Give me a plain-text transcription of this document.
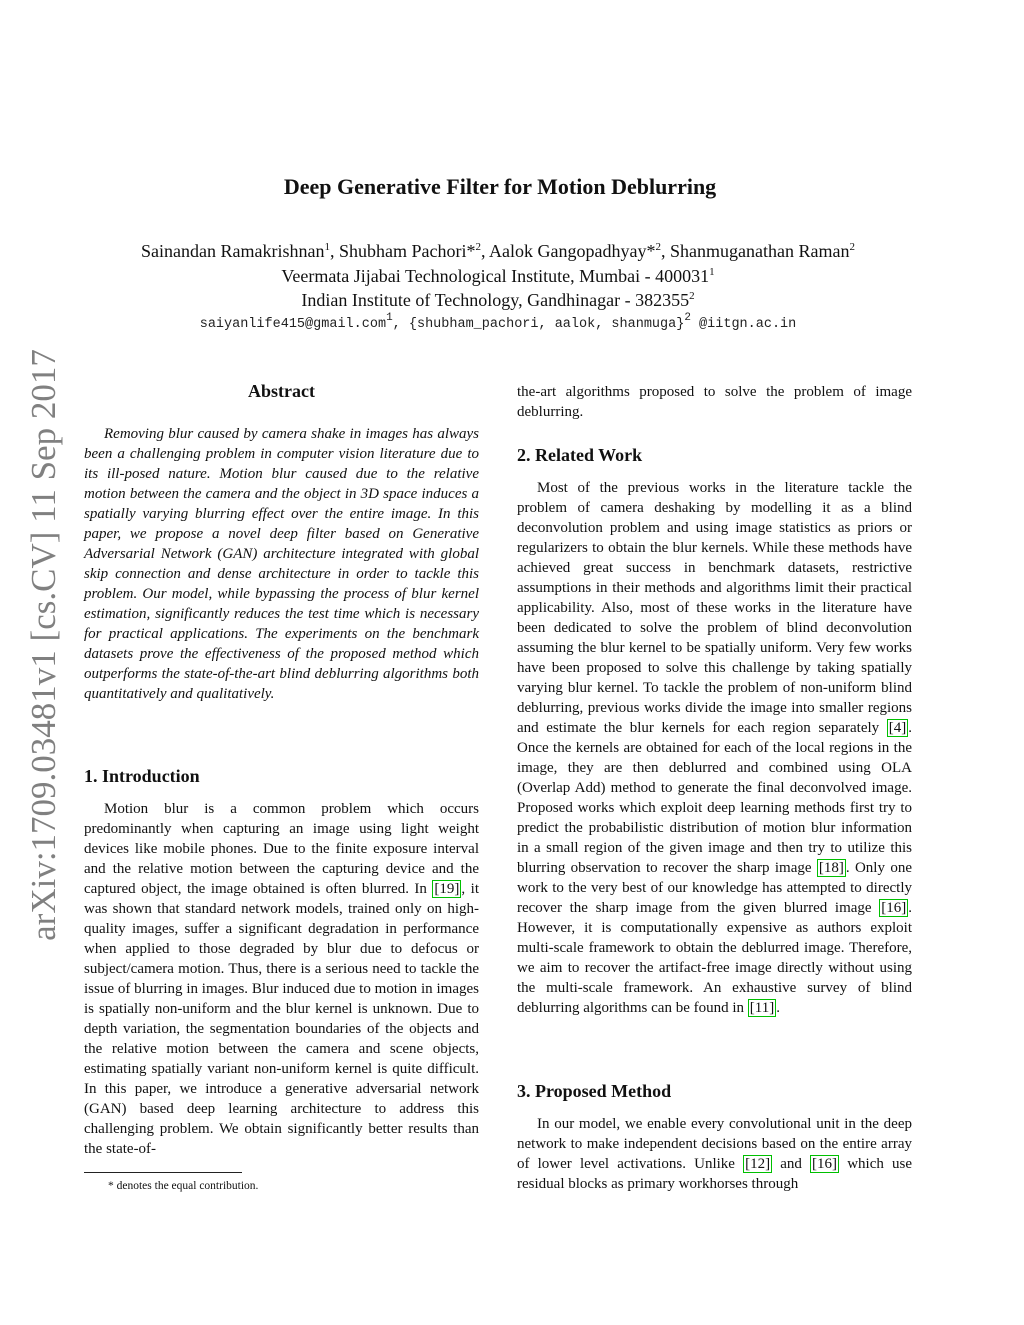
arXiv:1709.03481v1 [cs.CV] 11 Sep 2017
Deep Generative Filter for Motion Deblurring
Sainandan Ramakrishnan$^1$, Shubham Pachori*$^2$, Aalok Gangopadhyay*$^2$, Shanmuganathan Raman$^2$
Veermata Jijabai Technological Institute, Mumbai - 400031$^1$
Indian Institute of Technology, Gandhinagar - 382355$^2$
saiyanlife415@gmail.com$^1$, {shubham_pachori, aalok, shanmuga}$^2$ @iitgn.ac.in
Abstract

Removing blur caused by camera shake in images has always been a challenging problem in computer vision literature due to its ill-posed nature. Motion blur caused due to the relative motion between the camera and the object in 3D space induces a spatially varying blurring effect over the entire image. In this paper, we propose a novel deep filter based on Generative Adversarial Network (GAN) architecture integrated with global skip connection and dense architecture in order to tackle this problem. Our model, while bypassing the process of blur kernel estimation, significantly reduces the test time which is necessary for practical applications. The experiments on the benchmark datasets prove the effectiveness of the proposed method which outperforms the state-of-the-art blind deblurring algorithms both quantitatively and qualitatively.

1. Introduction

Motion blur is a common problem which occurs predominantly when capturing an image using light weight devices like mobile phones. Due to the finite exposure interval and the relative motion between the capturing device and the captured object, the image obtained is often blurred. In [19] , it was shown that standard network models, trained only on high-quality images, suffer a significant degradation in performance when applied to those degraded by blur due to defocus or subject/camera motion. Thus, there is a serious need to tackle the issue of blurring in images. Blur induced due to motion in images is spatially non-uniform and the blur kernel is unknown. Due to depth variation, the segmentation boundaries of the objects and the relative motion between the camera and scene objects, estimating spatially variant non-uniform kernel is quite difficult. In this paper, we introduce a generative adversarial network (GAN) based deep learning architecture to address this challenging problem. We obtain significantly better results than the state-of-

* denotes the equal contribution.

the-art algorithms proposed to solve the problem of image deblurring.

2. Related Work

Most of the previous works in the literature tackle the problem of camera deshaking by modelling it as a blind deconvolution problem and using image statistics as priors or regularizers to obtain the blur kernels. While these methods have achieved great success in benchmark datasets, restrictive assumptions in their methods and algorithms limit their practical applicability. Also, most of these works in the literature have been dedicated to solve the problem of blind deconvolution assuming the blur kernel to be spatially uniform. Very few works have been proposed to solve this challenge by taking spatially varying blur kernel. To tackle the problem of non-uniform blind deblurring, previous works divide the image into smaller regions and estimate the blur kernels for each region separately [4] . Once the kernels are obtained for each of the local regions in the image, they are then deblurred and combined using OLA (Overlap Add) method to generate the final deconvolved image. Proposed works which exploit deep learning methods first try to predict the probabilistic distribution of motion blur information in a small region of the given image and then try to utilize this blurring observation to recover the sharp image [18] . Only one work to the very best of our knowledge has attempted to directly recover the sharp image from the given blurred image [16] . However, it is computationally expensive as authors exploit multi-scale framework to obtain the deblurred image. Therefore, we aim to recover the artifact-free image directly without using the multi-scale framework. An exhaustive survey of blind deblurring algorithms can be found in [11] .

3. Proposed Method

In our model, we enable every convolutional unit in the deep network to make independent decisions based on the entire array of lower level activations. Unlike [12] and [16] which use residual blocks as primary workhorses through
